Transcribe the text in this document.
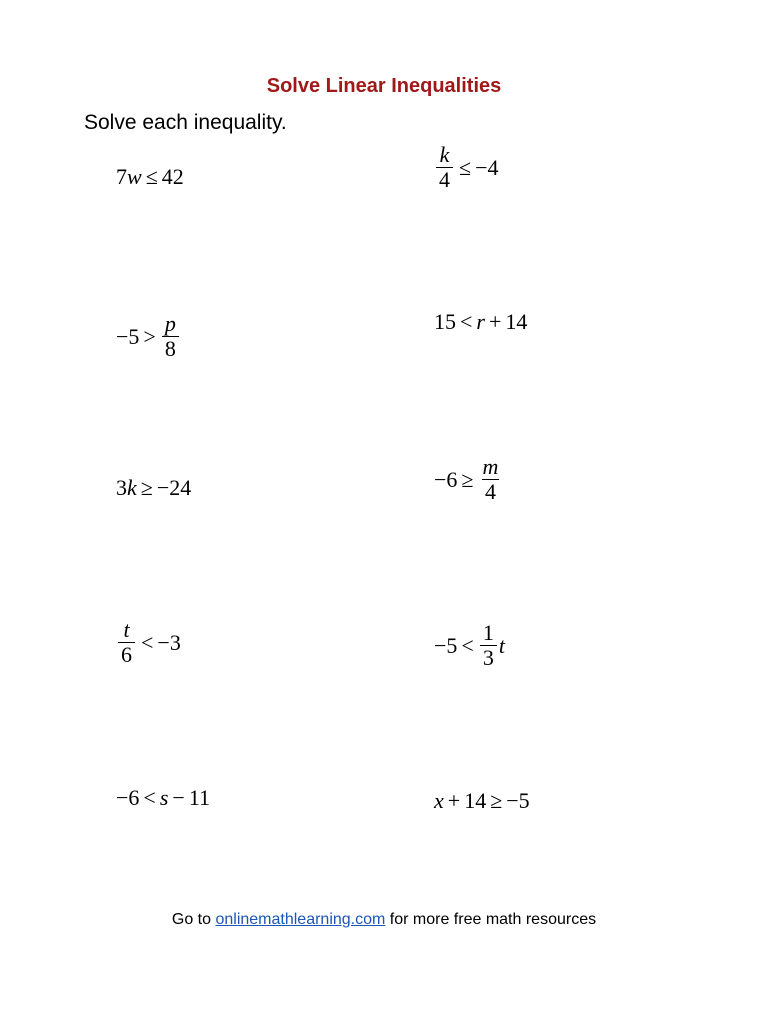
Solve Linear Inequalities
Solve each inequality.
7 w ≤ 42	$\frac{k}{4} \le -4$
$-5 > \frac{p}{8}$	15 < r + 14
3 k ≥ −24	$-6 \ge \frac{m}{4}$
$\frac{t}{6} < -3$	$-5 < \frac{1}{3}$ t
−6 < s − 11	x + 14 ≥ −5
Go to onlinemathlearning.com for more free math resources
